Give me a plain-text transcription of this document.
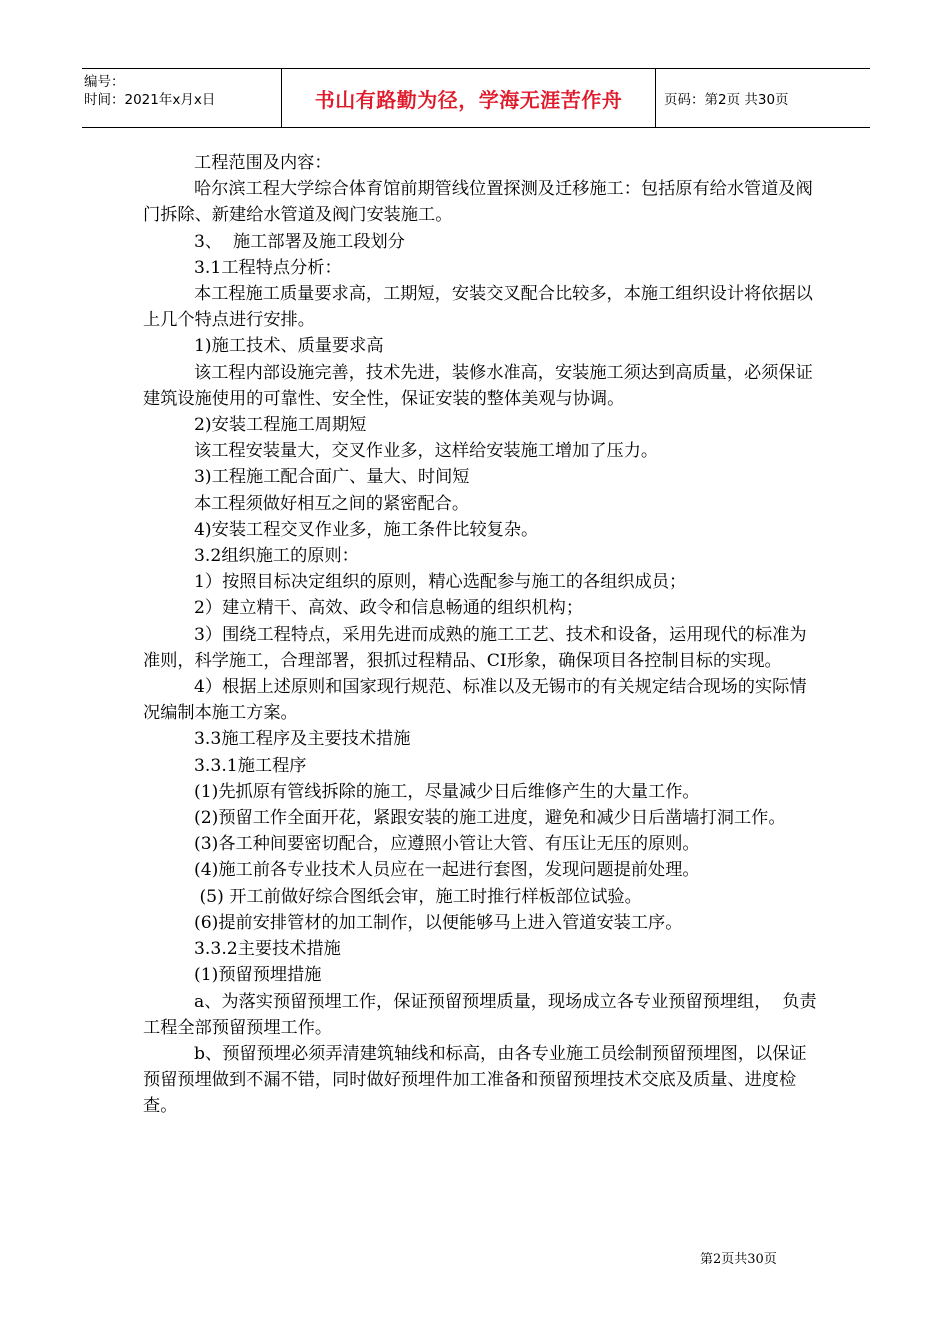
编号：
时间：2021年x月x日	书山有路勤为径，学海无涯苦作舟	页码：第2页 共30页

工程范围及内容：

哈尔滨工程大学综合体育馆前期管线位置探测及迁移施工：包括原有给水管道及阀门拆除、新建给水管道及阀门安装施工。

3、  施工部署及施工段划分

3.1工程特点分析：

本工程施工质量要求高，工期短，安装交叉配合比较多，本施工组织设计将依据以上几个特点进行安排。

1)施工技术、质量要求高

该工程内部设施完善，技术先进，装修水准高，安装施工须达到高质量，必须保证建筑设施使用的可靠性、安全性，保证安装的整体美观与协调。

2)安装工程施工周期短

该工程安装量大，交叉作业多，这样给安装施工增加了压力。

3)工程施工配合面广、量大、时间短

本工程须做好相互之间的紧密配合。

4)安装工程交叉作业多，施工条件比较复杂。

3.2组织施工的原则：

1）按照目标决定组织的原则，精心选配参与施工的各组织成员；

2）建立精干、高效、政令和信息畅通的组织机构；

3）围绕工程特点，采用先进而成熟的施工工艺、技术和设备，运用现代的标准为准则，科学施工，合理部署，狠抓过程精品、CI形象，确保项目各控制目标的实现。

4）根据上述原则和国家现行规范、标准以及无锡市的有关规定结合现场的实际情况编制本施工方案。

3.3施工程序及主要技术措施

3.3.1施工程序

(1)先抓原有管线拆除的施工，尽量减少日后维修产生的大量工作。

(2)预留工作全面开花，紧跟安装的施工进度，避免和减少日后凿墙打洞工作。

(3)各工种间要密切配合，应遵照小管让大管、有压让无压的原则。

(4)施工前各专业技术人员应在一起进行套图，发现问题提前处理。

(5) 开工前做好综合图纸会审，施工时推行样板部位试验。

(6)提前安排管材的加工制作，以便能够马上进入管道安装工序。

3.3.2主要技术措施

(1)预留预埋措施

a、为落实预留预埋工作，保证预留预埋质量，现场成立各专业预留预埋组，  负责工程全部预留预埋工作。

b、预留预埋必须弄清建筑轴线和标高，由各专业施工员绘制预留预埋图，以保证预留预埋做到不漏不错，同时做好预埋件加工准备和预留预埋技术交底及质量、进度检查。

第2页共30页
